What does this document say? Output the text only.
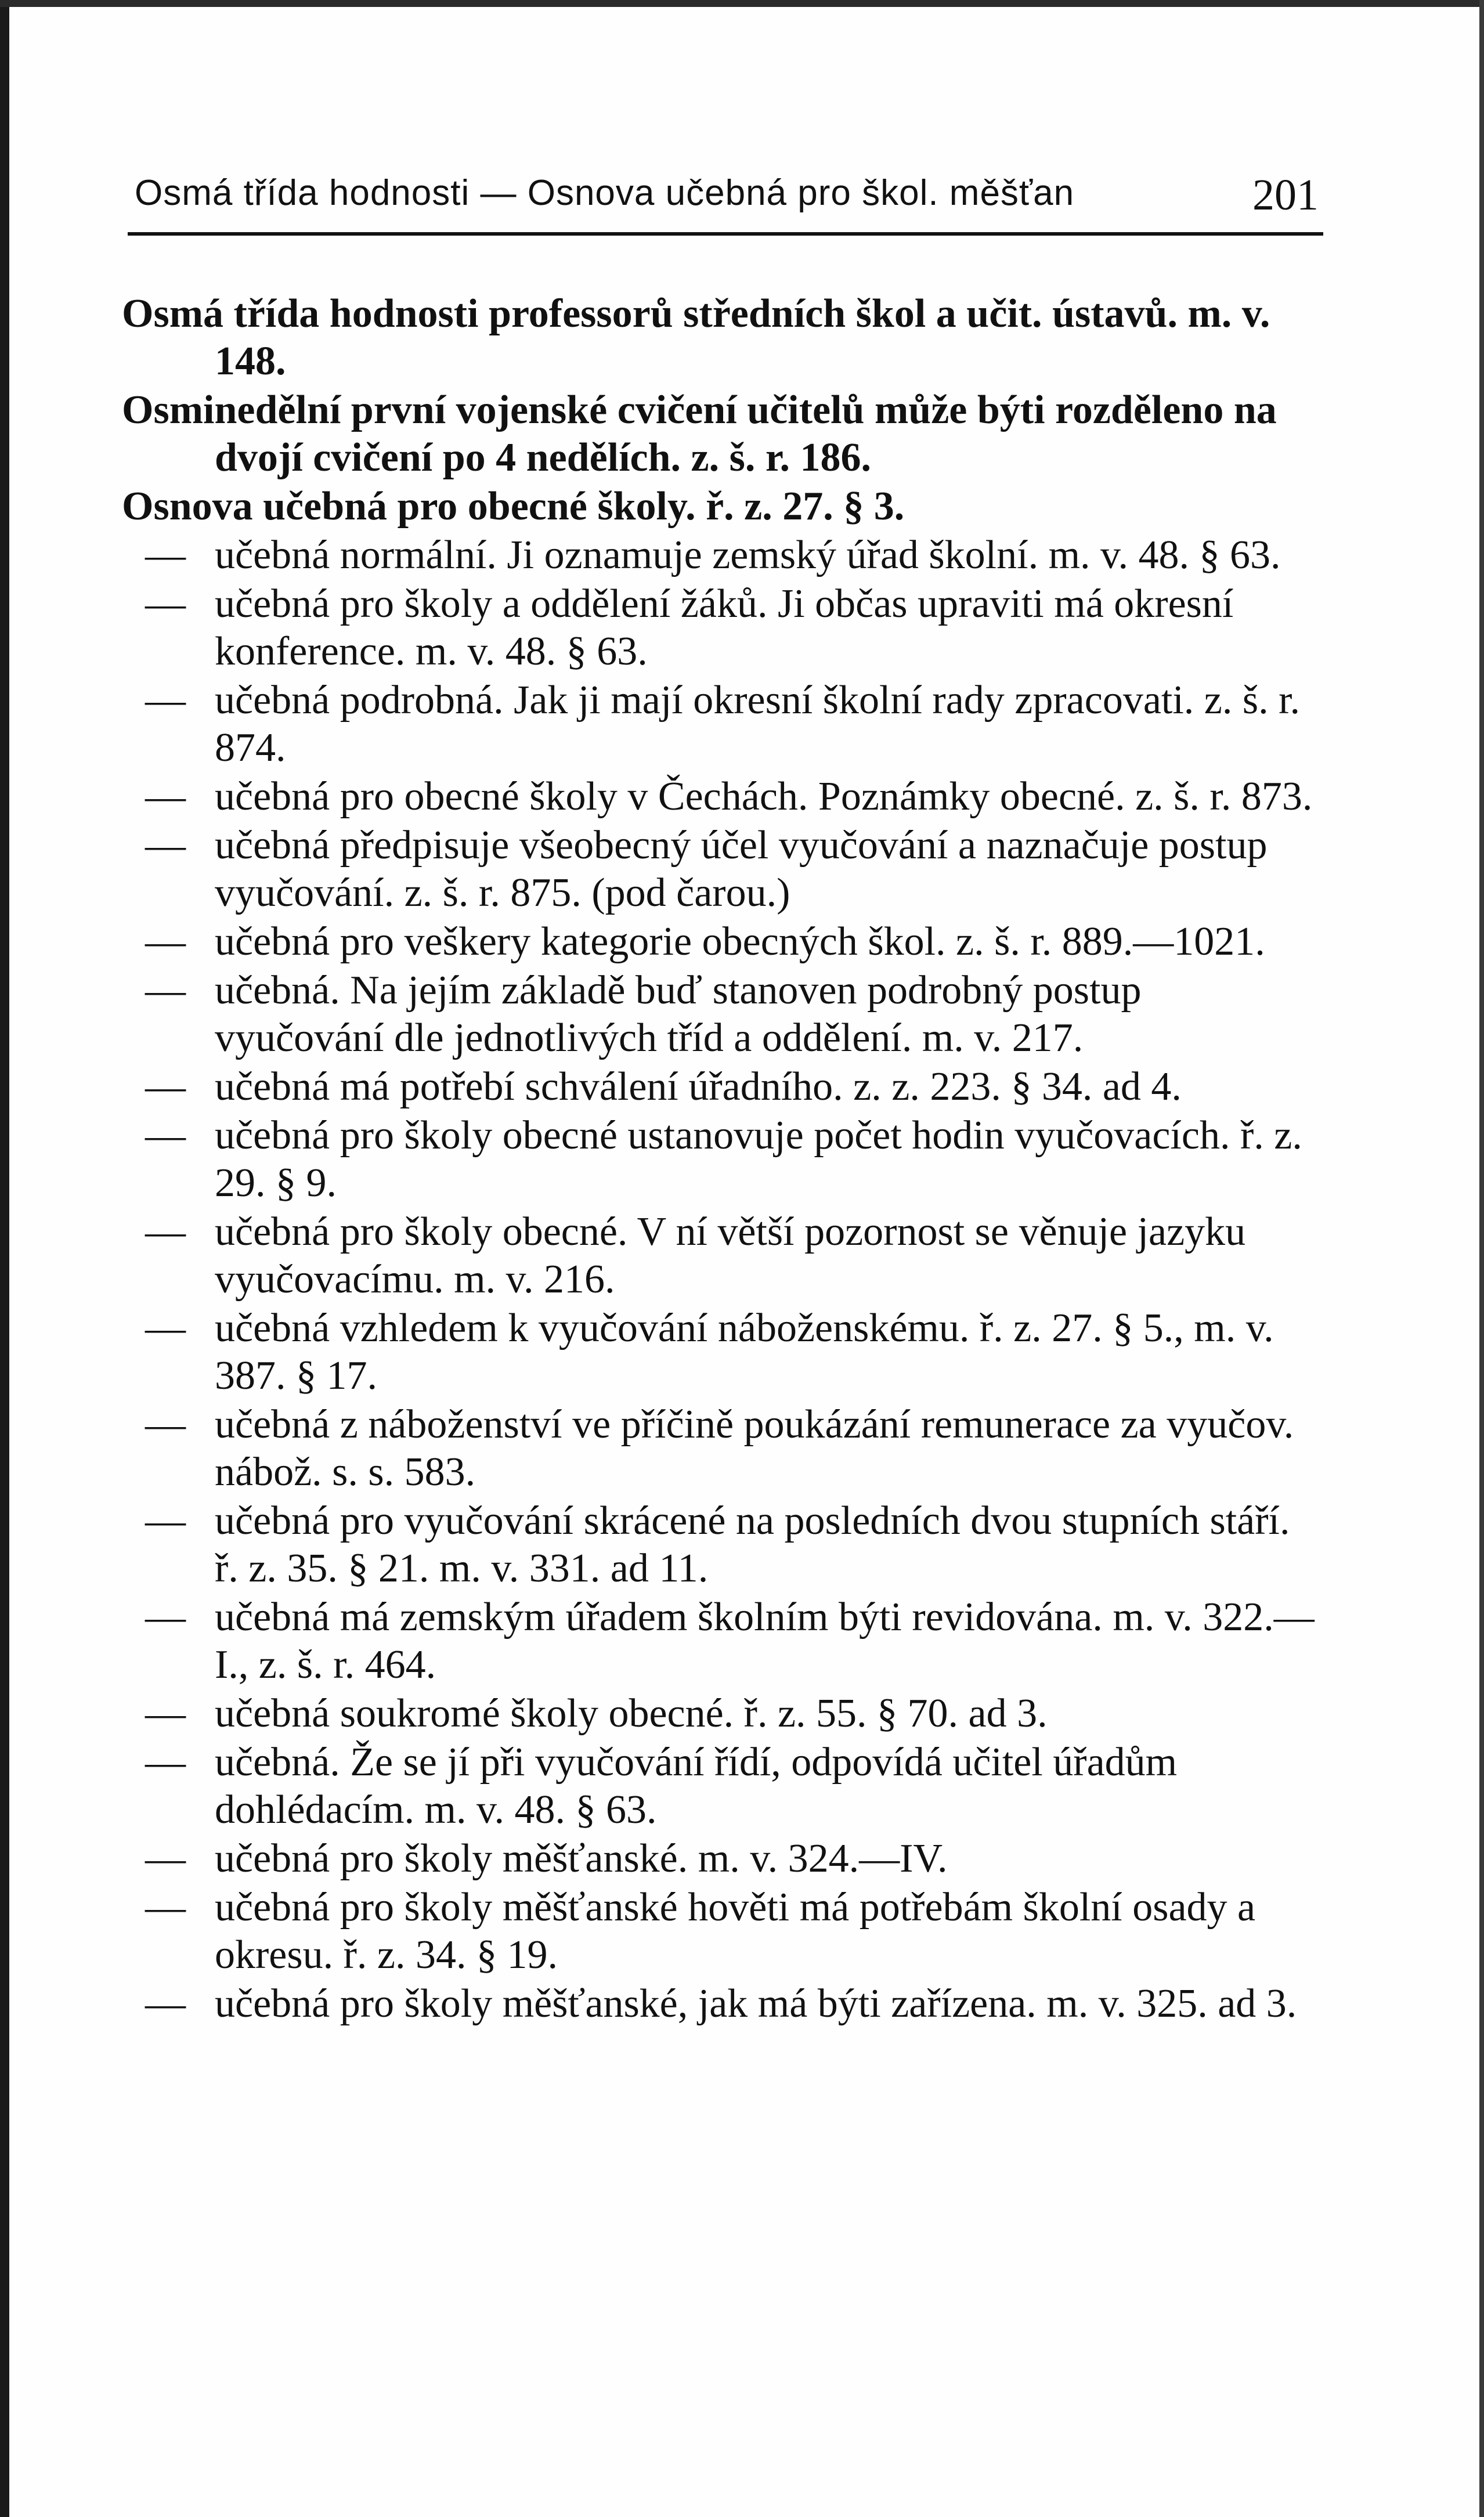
Osmá třída hodnosti — Osnova učebná pro škol. měšťan	201
Osmá třída hodnosti professorů středních škol a učit. ústavů. m. v. 148.
Osminedělní první vojenské cvičení učitelů může býti rozděleno na dvojí cvičení po 4 nedělích. z. š. r. 186.
Osnova učebná pro obecné školy. ř. z. 27. § 3.
— učebná normální. Ji oznamuje zemský úřad školní. m. v. 48. § 63.
— učebná pro školy a oddělení žáků. Ji občas upraviti má okresní konference. m. v. 48. § 63.
— učebná podrobná. Jak ji mají okresní školní rady zpracovati. z. š. r. 874.
— učebná pro obecné školy v Čechách. Poznámky obecné. z. š. r. 873.
— učebná předpisuje všeobecný účel vyučování a naznačuje postup vyučování. z. š. r. 875. (pod čarou.)
— učebná pro veškery kategorie obecných škol. z. š. r. 889.—1021.
— učebná. Na jejím základě buď stanoven podrobný postup vyučování dle jednotlivých tříd a oddělení. m. v. 217.
— učebná má potřebí schválení úřadního. z. z. 223. § 34. ad 4.
— učebná pro školy obecné ustanovuje počet hodin vyučovacích. ř. z. 29. § 9.
— učebná pro školy obecné. V ní větší pozornost se věnuje jazyku vyučovacímu. m. v. 216.
— učebná vzhledem k vyučování náboženskému. ř. z. 27. § 5., m. v. 387. § 17.
— učebná z náboženství ve příčině poukázání remunerace za vyučov. nábož. s. s. 583.
— učebná pro vyučování skrácené na posledních dvou stupních stáří. ř. z. 35. § 21. m. v. 331. ad 11.
— učebná má zemským úřadem školním býti revidována. m. v. 322.—I., z. š. r. 464.
— učebná soukromé školy obecné. ř. z. 55. § 70. ad 3.
— učebná. Že se jí při vyučování řídí, odpovídá učitel úřadům dohlédacím. m. v. 48. § 63.
— učebná pro školy měšťanské. m. v. 324.—IV.
— učebná pro školy měšťanské hověti má potřebám školní osady a okresu. ř. z. 34. § 19.
— učebná pro školy měšťanské, jak má býti zařízena. m. v. 325. ad 3.
